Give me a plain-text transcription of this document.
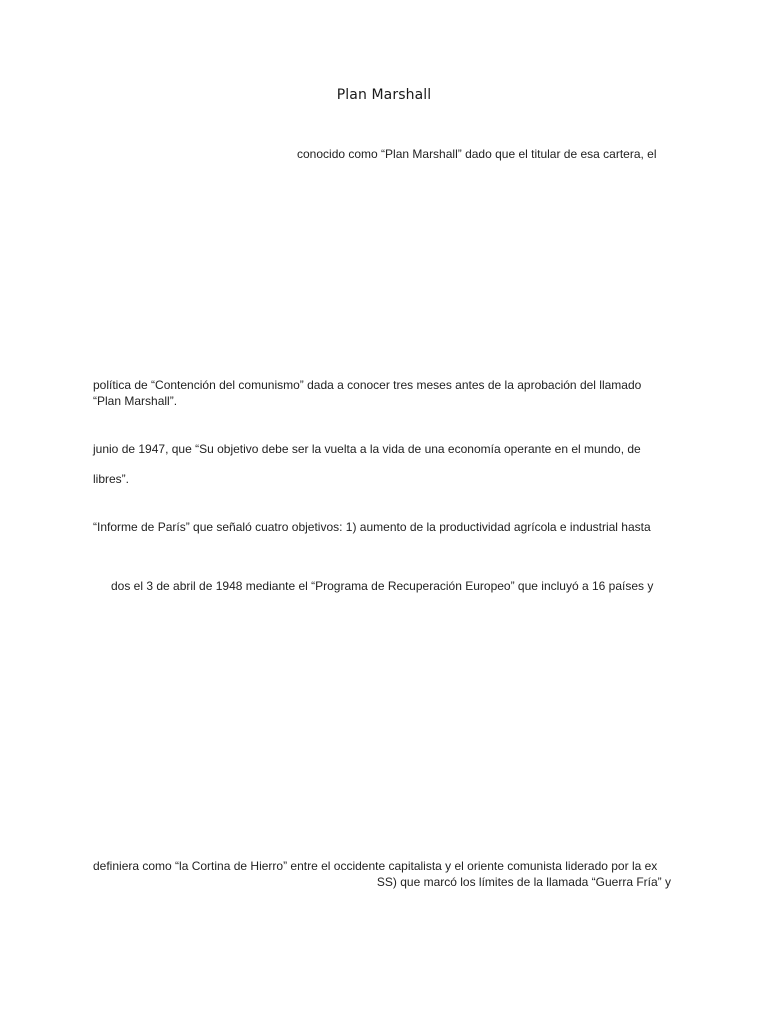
Plan Marshall
conocido como “Plan Marshall” dado que el titular de esa cartera, el
política de “Contención del comunismo” dada a conocer tres meses antes de la aprobación del llamado
“Plan Marshall”.
junio de 1947, que “Su objetivo debe ser la vuelta a la vida de una economía operante en el mundo, de
libres”.
“Informe de París” que señaló cuatro objetivos: 1) aumento de la productividad agrícola e industrial hasta
dos el 3 de abril de 1948 mediante el “Programa de Recuperación Europeo” que incluyó a 16 países y
definiera como “la Cortina de Hierro” entre el occidente capitalista y el oriente comunista liderado por la ex
SS) que marcó los límites de la llamada “Guerra Fría” y
